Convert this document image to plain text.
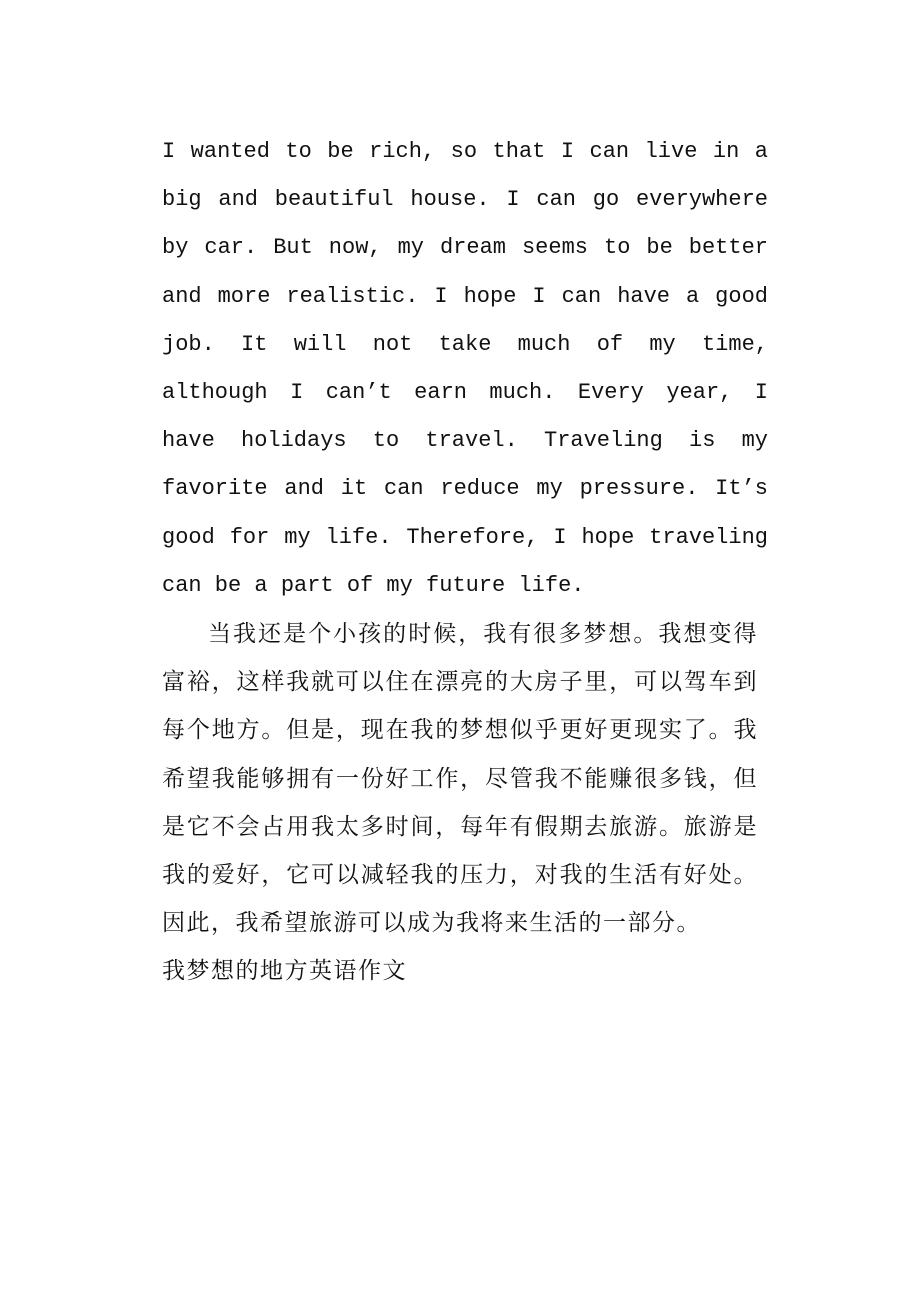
I wanted to be rich, so that I can live in a big and beautiful house. I can go everywhere by car. But now, my dream seems to be better and more realistic. I hope I can have a good job. It will not take much of my time, although I can’t earn much. Every year, I have holidays to travel. Traveling is my favorite and it can reduce my pressure. It’s good for my life. Therefore, I hope traveling can be a part of my future life.

当我还是个小孩的时候，我有很多梦想。我想变得富裕，这样我就可以住在漂亮的大房子里，可以驾车到每个地方。但是，现在我的梦想似乎更好更现实了。我希望我能够拥有一份好工作，尽管我不能赚很多钱，但是它不会占用我太多时间，每年有假期去旅游。旅游是我的爱好，它可以减轻我的压力，对我的生活有好处。因此，我希望旅游可以成为我将来生活的一部分。

我梦想的地方英语作文
